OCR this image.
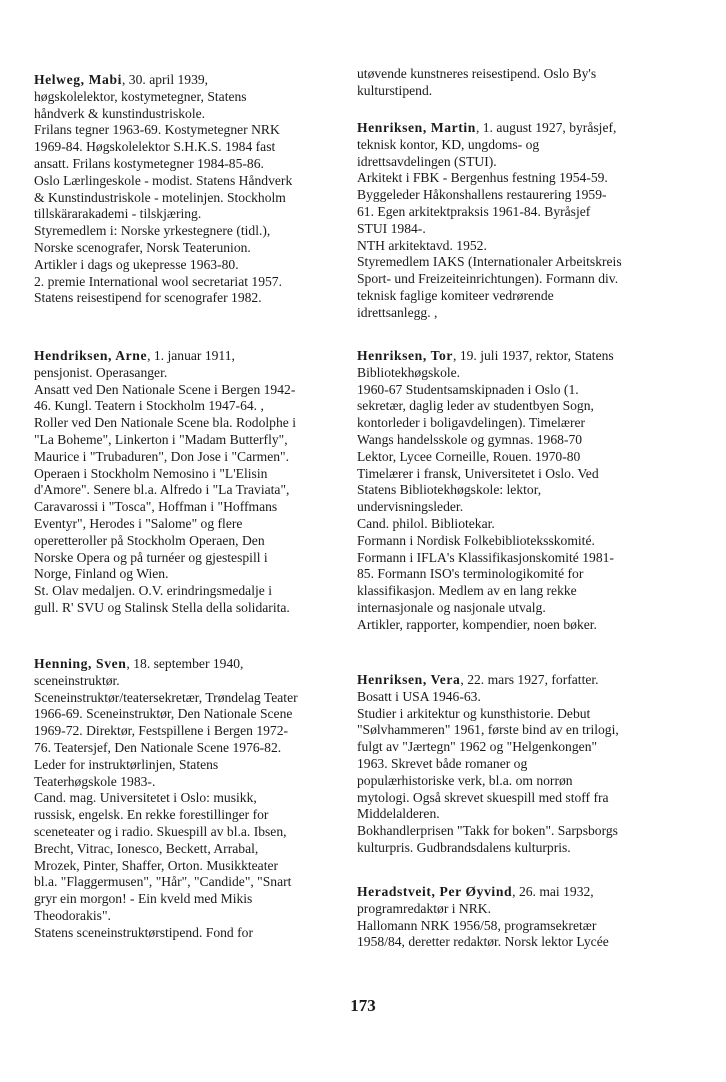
Helweg, Mabi, 30. april 1939,
høgskolelektor, kostymetegner, Statens
håndverk & kunstindustriskole.
Frilans tegner 1963-69. Kostymetegner NRK
1969-84. Høgskolelektor S.H.K.S. 1984 fast
ansatt. Frilans kostymetegner 1984-85-86.
Oslo Lærlingeskole - modist. Statens Håndverk
& Kunstindustriskole - motelinjen. Stockholm
tillskärarakademi - tilskjæring.
Styremedlem i: Norske yrkestegnere (tidl.),
Norske scenografer, Norsk Teaterunion.
Artikler i dags og ukepresse 1963-80.
2. premie International wool secretariat 1957.
Statens reisestipend for scenografer 1982.
Hendriksen, Arne, 1. januar 1911,
pensjonist. Operasanger.
Ansatt ved Den Nationale Scene i Bergen 1942-
46. Kungl. Teatern i Stockholm 1947-64. ,
Roller ved Den Nationale Scene bla. Rodolphe i
"La Boheme", Linkerton i "Madam Butterfly",
Maurice i "Trubaduren", Don Jose i "Carmen".
Operaen i Stockholm Nemosino i "L'Elisin
d'Amore". Senere bl.a. Alfredo i "La Traviata",
Caravarossi i "Tosca", Hoffman i "Hoffmans
Eventyr", Herodes i "Salome" og flere
operetteroller på Stockholm Operaen, Den
Norske Opera og på turnéer og gjestespill i
Norge, Finland og Wien.
St. Olav medaljen. O.V. erindringsmedalje i
gull. R' SVU og Stalinsk Stella della solidarita.
Henning, Sven, 18. september 1940,
sceneinstruktør.
Sceneinstruktør/teatersekretær, Trøndelag Teater
1966-69. Sceneinstruktør, Den Nationale Scene
1969-72. Direktør, Festspillene i Bergen 1972-
76. Teatersjef, Den Nationale Scene 1976-82.
Leder for instruktørlinjen, Statens
Teaterhøgskole 1983-.
Cand. mag. Universitetet i Oslo: musikk,
russisk, engelsk. En rekke forestillinger for
sceneteater og i radio. Skuespill av bl.a. Ibsen,
Brecht, Vitrac, Ionesco, Beckett, Arrabal,
Mrozek, Pinter, Shaffer, Orton. Musikkteater
bl.a. "Flaggermusen", "Hår", "Candide", "Snart
gryr ein morgon! - Ein kveld med Mikis
Theodorakis".
Statens sceneinstruktørstipend. Fond for
utøvende kunstneres reisestipend. Oslo By's
kulturstipend.
Henriksen, Martin, 1. august 1927, byråsjef,
teknisk kontor, KD, ungdoms- og
idrettsavdelingen (STUI).
Arkitekt i FBK - Bergenhus festning 1954-59.
Byggeleder Håkonshallens restaurering 1959-
61. Egen arkitektpraksis 1961-84. Byråsjef
STUI 1984-.
NTH arkitektavd. 1952.
Styremedlem IAKS (Internationaler Arbeitskreis
Sport- und Freizeiteinrichtungen). Formann div.
teknisk faglige komiteer vedrørende
idrettsanlegg. ,
Henriksen, Tor, 19. juli 1937, rektor, Statens
Bibliotekhøgskole.
1960-67 Studentsamskipnaden i Oslo (1.
sekretær, daglig leder av studentbyen Sogn,
kontorleder i boligavdelingen). Timelærer
Wangs handelsskole og gymnas. 1968-70
Lektor, Lycee Corneille, Rouen. 1970-80
Timelærer i fransk, Universitetet i Oslo. Ved
Statens Bibliotekhøgskole: lektor,
undervisningsleder.
Cand. philol. Bibliotekar.
Formann i Nordisk Folkebiblioteksskomité.
Formann i IFLA's Klassifikasjonskomité 1981-
85. Formann ISO's terminologikomité for
klassifikasjon. Medlem av en lang rekke
internasjonale og nasjonale utvalg.
Artikler, rapporter, kompendier, noen bøker.
Henriksen, Vera, 22. mars 1927, forfatter.
Bosatt i USA 1946-63.
Studier i arkitektur og kunsthistorie. Debut
"Sølvhammeren" 1961, første bind av en trilogi,
fulgt av "Jærtegn" 1962 og "Helgenkongen"
1963. Skrevet både romaner og
populærhistoriske verk, bl.a. om norrøn
mytologi. Også skrevet skuespill med stoff fra
Middelalderen.
Bokhandlerprisen "Takk for boken". Sarpsborgs
kulturpris. Gudbrandsdalens kulturpris.
Heradstveit, Per Øyvind, 26. mai 1932,
programredaktør i NRK.
Hallomann NRK 1956/58, programsekretær
1958/84, deretter redaktør. Norsk lektor Lycée
173
